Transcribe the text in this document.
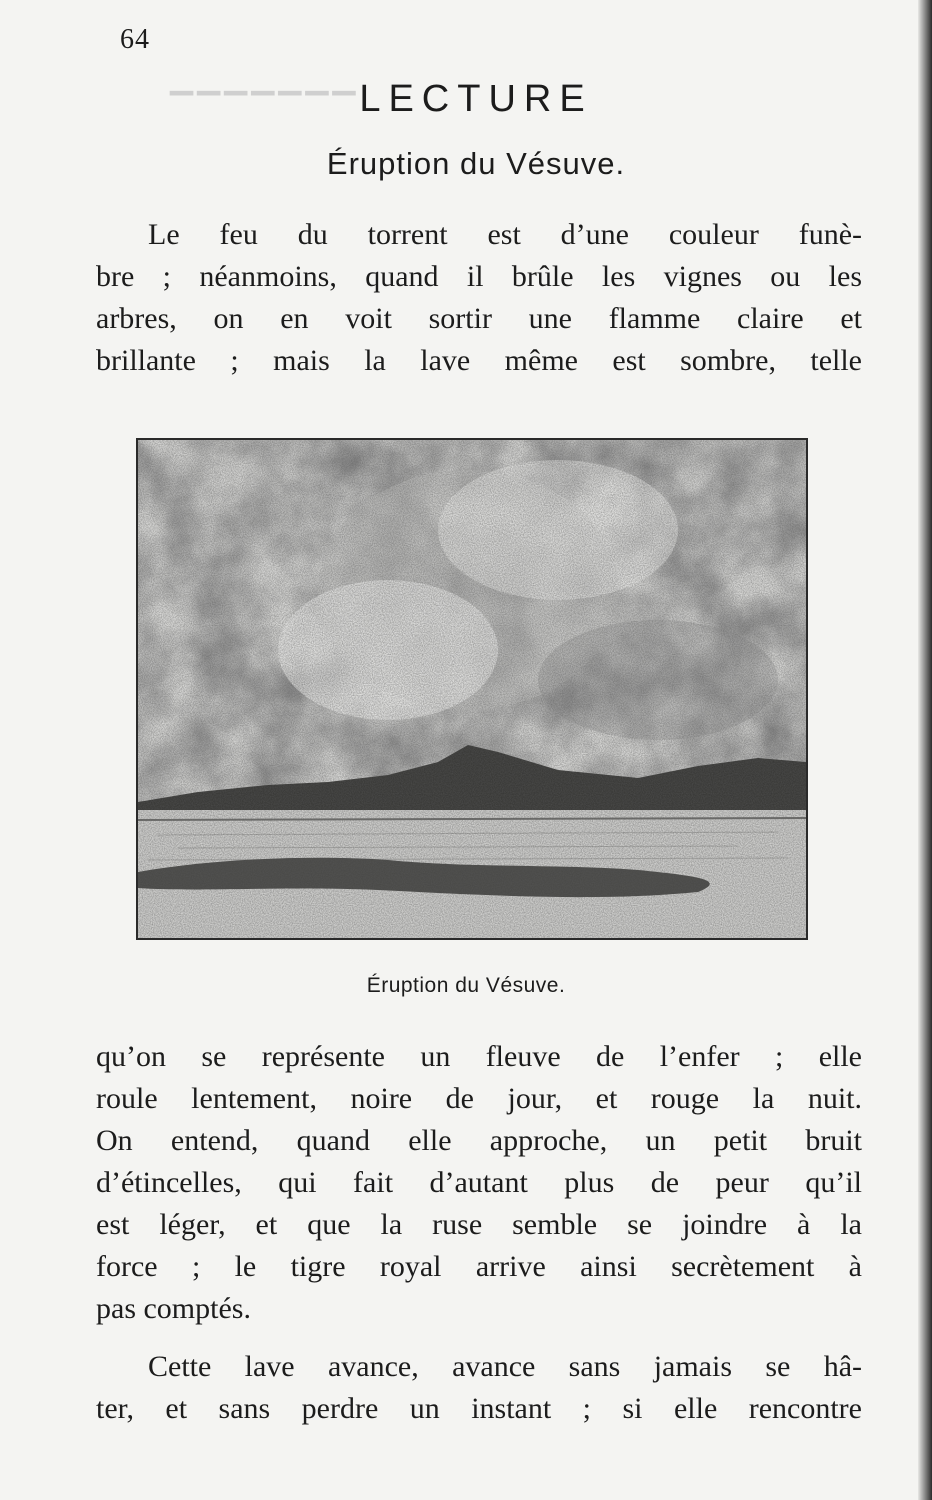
▔▔▔▔▔▔▔
64
LECTURE
Éruption du Vésuve.
Le feu du torrent est d’une couleur funè-
bre ; néanmoins, quand il brûle les vignes ou les
arbres, on en voit sortir une flamme claire et
brillante ; mais la lave même est sombre, telle
Éruption du Vésuve.
qu’on se représente un fleuve de l’enfer ; elle
roule lentement, noire de jour, et rouge la nuit.
On entend, quand elle approche, un petit bruit
d’étincelles, qui fait d’autant plus de peur qu’il
est léger, et que la ruse semble se joindre à la
force ; le tigre royal arrive ainsi secrètement à
pas comptés.
Cette lave avance, avance sans jamais se hâ-
ter, et sans perdre un instant ; si elle rencontre
